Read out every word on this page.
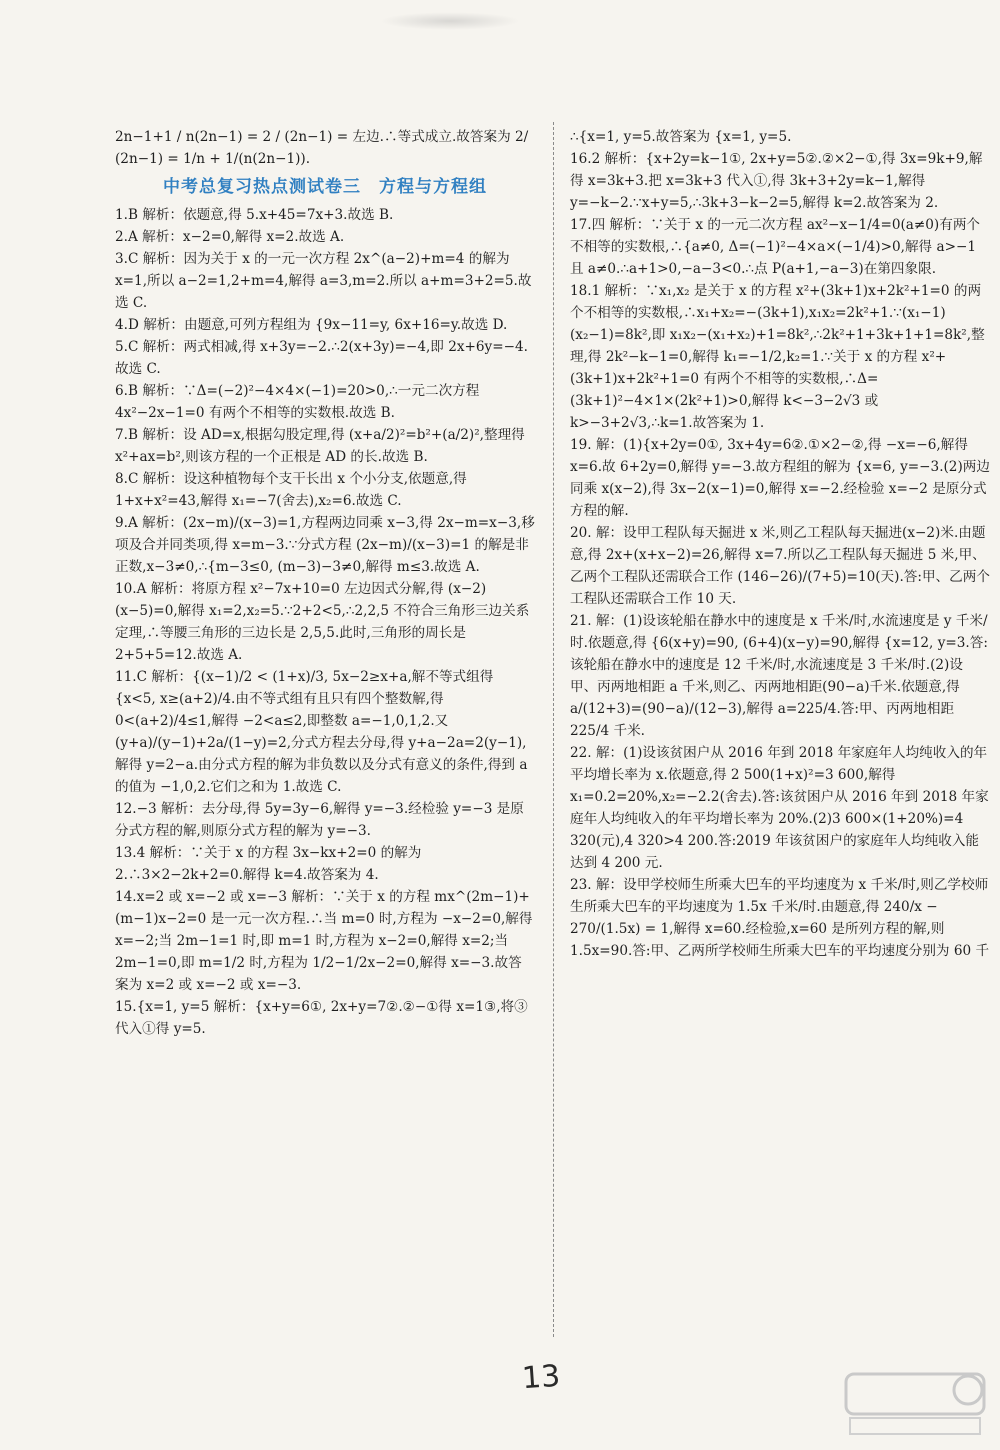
2n−1+1 / n(2n−1) = 2 / (2n−1) = 左边.∴等式成立.故答案为 2/(2n−1) = 1/n + 1/(n(2n−1)).

中考总复习热点测试卷三　方程与方程组

1.B 解析：依题意,得 5.x+45=7x+3.故选 B.

2.A 解析：x−2=0,解得 x=2.故选 A.

3.C 解析：因为关于 x 的一元一次方程 2x^(a−2)+m=4 的解为 x=1,所以 a−2=1,2+m=4,解得 a=3,m=2.所以 a+m=3+2=5.故选 C.

4.D 解析：由题意,可列方程组为 {9x−11=y, 6x+16=y.故选 D.

5.C 解析：两式相减,得 x+3y=−2.∴2(x+3y)=−4,即 2x+6y=−4.故选 C.

6.B 解析：∵Δ=(−2)²−4×4×(−1)=20>0,∴一元二次方程 4x²−2x−1=0 有两个不相等的实数根.故选 B.

7.B 解析：设 AD=x,根据勾股定理,得 (x+a/2)²=b²+(a/2)²,整理得 x²+ax=b²,则该方程的一个正根是 AD 的长.故选 B.

8.C 解析：设这种植物每个支干长出 x 个小分支,依题意,得 1+x+x²=43,解得 x₁=−7(舍去),x₂=6.故选 C.

9.A 解析：(2x−m)/(x−3)=1,方程两边同乘 x−3,得 2x−m=x−3,移项及合并同类项,得 x=m−3.∵分式方程 (2x−m)/(x−3)=1 的解是非正数,x−3≠0,∴{m−3≤0, (m−3)−3≠0,解得 m≤3.故选 A.

10.A 解析：将原方程 x²−7x+10=0 左边因式分解,得 (x−2)(x−5)=0,解得 x₁=2,x₂=5.∵2+2<5,∴2,2,5 不符合三角形三边关系定理,∴等腰三角形的三边长是 2,5,5.此时,三角形的周长是 2+5+5=12.故选 A.

11.C 解析：{(x−1)/2 < (1+x)/3, 5x−2≥x+a,解不等式组得 {x<5, x≥(a+2)/4.由不等式组有且只有四个整数解,得 0<(a+2)/4≤1,解得 −2<a≤2,即整数 a=−1,0,1,2.又 (y+a)/(y−1)+2a/(1−y)=2,分式方程去分母,得 y+a−2a=2(y−1),解得 y=2−a.由分式方程的解为非负数以及分式有意义的条件,得到 a 的值为 −1,0,2.它们之和为 1.故选 C.

12.−3 解析：去分母,得 5y=3y−6,解得 y=−3.经检验 y=−3 是原分式方程的解,则原分式方程的解为 y=−3.

13.4 解析：∵关于 x 的方程 3x−kx+2=0 的解为 2.∴3×2−2k+2=0.解得 k=4.故答案为 4.

14.x=2 或 x=−2 或 x=−3 解析：∵关于 x 的方程 mx^(2m−1)+(m−1)x−2=0 是一元一次方程.∴当 m=0 时,方程为 −x−2=0,解得 x=−2;当 2m−1=1 时,即 m=1 时,方程为 x−2=0,解得 x=2;当 2m−1=0,即 m=1/2 时,方程为 1/2−1/2x−2=0,解得 x=−3.故答案为 x=2 或 x=−2 或 x=−3.

15.{x=1, y=5 解析：{x+y=6①, 2x+y=7②.②−①得 x=1③,将③代入①得 y=5.

∴{x=1, y=5.故答案为 {x=1, y=5.

16.2 解析：{x+2y=k−1①, 2x+y=5②.②×2−①,得 3x=9k+9,解得 x=3k+3.把 x=3k+3 代入①,得 3k+3+2y=k−1,解得 y=−k−2.∵x+y=5,∴3k+3−k−2=5,解得 k=2.故答案为 2.

17.四 解析：∵关于 x 的一元二次方程 ax²−x−1/4=0(a≠0)有两个不相等的实数根,∴{a≠0, Δ=(−1)²−4×a×(−1/4)>0,解得 a>−1 且 a≠0.∴a+1>0,−a−3<0.∴点 P(a+1,−a−3)在第四象限.

18.1 解析：∵x₁,x₂ 是关于 x 的方程 x²+(3k+1)x+2k²+1=0 的两个不相等的实数根,∴x₁+x₂=−(3k+1),x₁x₂=2k²+1.∵(x₁−1)(x₂−1)=8k²,即 x₁x₂−(x₁+x₂)+1=8k²,∴2k²+1+3k+1+1=8k²,整理,得 2k²−k−1=0,解得 k₁=−1/2,k₂=1.∵关于 x 的方程 x²+(3k+1)x+2k²+1=0 有两个不相等的实数根,∴Δ=(3k+1)²−4×1×(2k²+1)>0,解得 k<−3−2√3 或 k>−3+2√3,∴k=1.故答案为 1.

19. 解：(1){x+2y=0①, 3x+4y=6②.①×2−②,得 −x=−6,解得 x=6.故 6+2y=0,解得 y=−3.故方程组的解为 {x=6, y=−3.(2)两边同乘 x(x−2),得 3x−2(x−1)=0,解得 x=−2.经检验 x=−2 是原分式方程的解.

20. 解：设甲工程队每天掘进 x 米,则乙工程队每天掘进(x−2)米.由题意,得 2x+(x+x−2)=26,解得 x=7.所以乙工程队每天掘进 5 米,甲、乙两个工程队还需联合工作 (146−26)/(7+5)=10(天).答:甲、乙两个工程队还需联合工作 10 天.

21. 解：(1)设该轮船在静水中的速度是 x 千米/时,水流速度是 y 千米/时.依题意,得 {6(x+y)=90, (6+4)(x−y)=90,解得 {x=12, y=3.答:该轮船在静水中的速度是 12 千米/时,水流速度是 3 千米/时.(2)设甲、丙两地相距 a 千米,则乙、丙两地相距(90−a)千米.依题意,得 a/(12+3)=(90−a)/(12−3),解得 a=225/4.答:甲、丙两地相距 225/4 千米.

22. 解：(1)设该贫困户从 2016 年到 2018 年家庭年人均纯收入的年平均增长率为 x.依题意,得 2 500(1+x)²=3 600,解得 x₁=0.2=20%,x₂=−2.2(舍去).答:该贫困户从 2016 年到 2018 年家庭年人均纯收入的年平均增长率为 20%.(2)3 600×(1+20%)=4 320(元),4 320>4 200.答:2019 年该贫困户的家庭年人均纯收入能达到 4 200 元.

23. 解：设甲学校师生所乘大巴车的平均速度为 x 千米/时,则乙学校师生所乘大巴车的平均速度为 1.5x 千米/时.由题意,得 240/x − 270/(1.5x) = 1,解得 x=60.经检验,x=60 是所列方程的解,则 1.5x=90.答:甲、乙两所学校师生所乘大巴车的平均速度分别为 60 千

13
